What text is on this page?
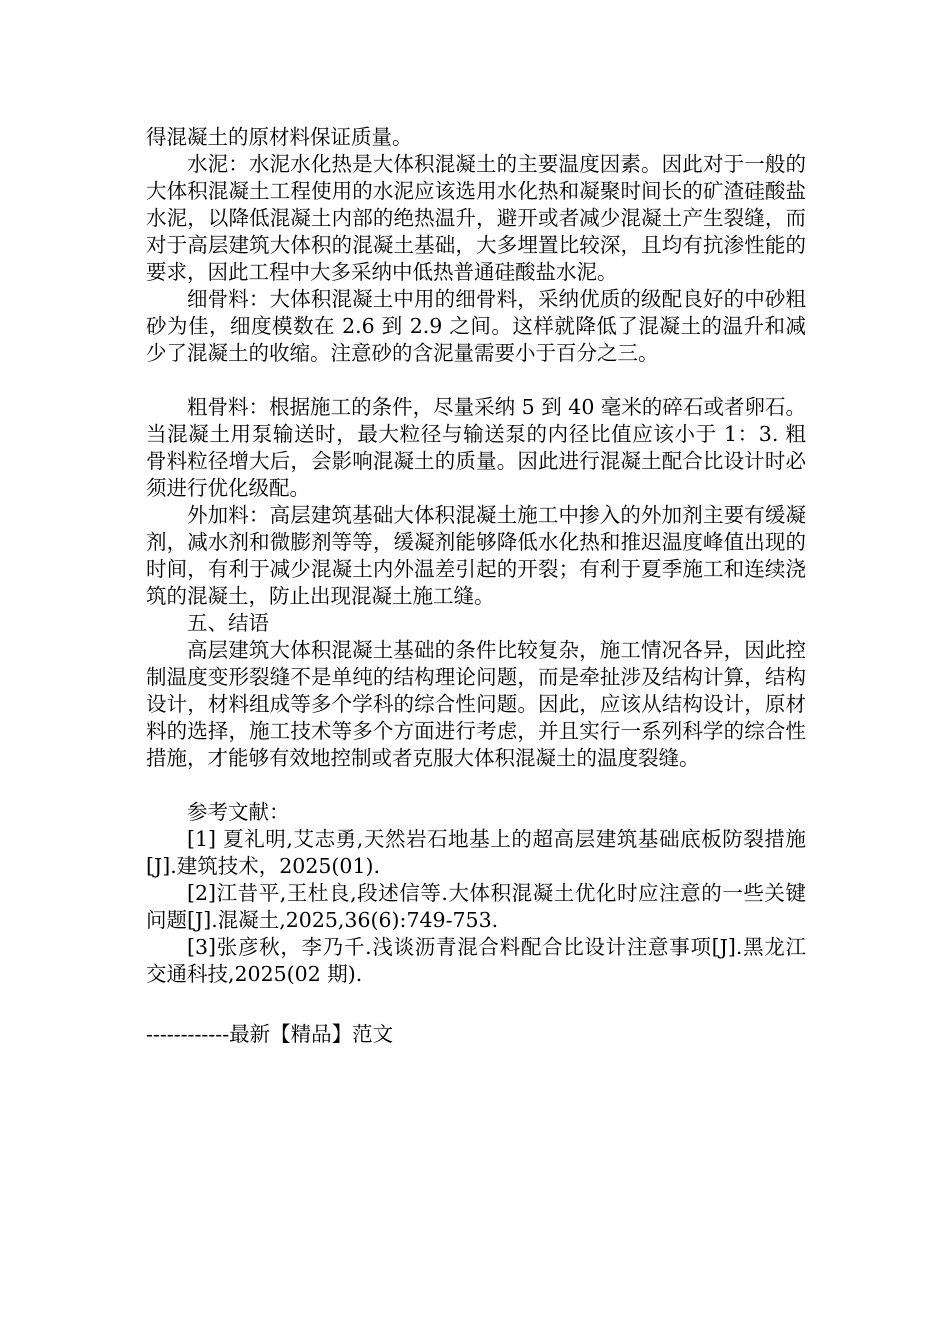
得混凝土的原材料保证质量。

水泥：水泥水化热是大体积混凝土的主要温度因素。因此对于一般的大体积混凝土工程使用的水泥应该选用水化热和凝聚时间长的矿渣硅酸盐水泥，以降低混凝土内部的绝热温升，避开或者减少混凝土产生裂缝，而对于高层建筑大体积的混凝土基础，大多埋置比较深，且均有抗渗性能的要求，因此工程中大多采纳中低热普通硅酸盐水泥。

细骨料：大体积混凝土中用的细骨料，采纳优质的级配良好的中砂粗砂为佳，细度模数在 2.6 到 2.9 之间。这样就降低了混凝土的温升和减少了混凝土的收缩。注意砂的含泥量需要小于百分之三。

粗骨料：根据施工的条件，尽量采纳 5 到 40 毫米的碎石或者卵石。当混凝土用泵输送时，最大粒径与输送泵的内径比值应该小于 1：3. 粗骨料粒径增大后，会影响混凝土的质量。因此进行混凝土配合比设计时必须进行优化级配。

外加料：高层建筑基础大体积混凝土施工中掺入的外加剂主要有缓凝剂，减水剂和微膨剂等等，缓凝剂能够降低水化热和推迟温度峰值出现的时间，有利于减少混凝土内外温差引起的开裂；有利于夏季施工和连续浇筑的混凝土，防止出现混凝土施工缝。

五、结语

高层建筑大体积混凝土基础的条件比较复杂，施工情况各异，因此控制温度变形裂缝不是单纯的结构理论问题，而是牵扯涉及结构计算，结构设计，材料组成等多个学科的综合性问题。因此，应该从结构设计，原材料的选择，施工技术等多个方面进行考虑，并且实行一系列科学的综合性措施，才能够有效地控制或者克服大体积混凝土的温度裂缝。

参考文献：

[1] 夏礼明,艾志勇,天然岩石地基上的超高层建筑基础底板防裂措施[J].建筑技术，2025(01).

[2]江昔平,王杜良,段述信等.大体积混凝土优化时应注意的一些关键问题[J].混凝土,2025,36(6):749-753.

[3]张彦秋，李乃千.浅谈沥青混合料配合比设计注意事项[J].黑龙江交通科技,2025(02 期).

------------最新【精品】范文
